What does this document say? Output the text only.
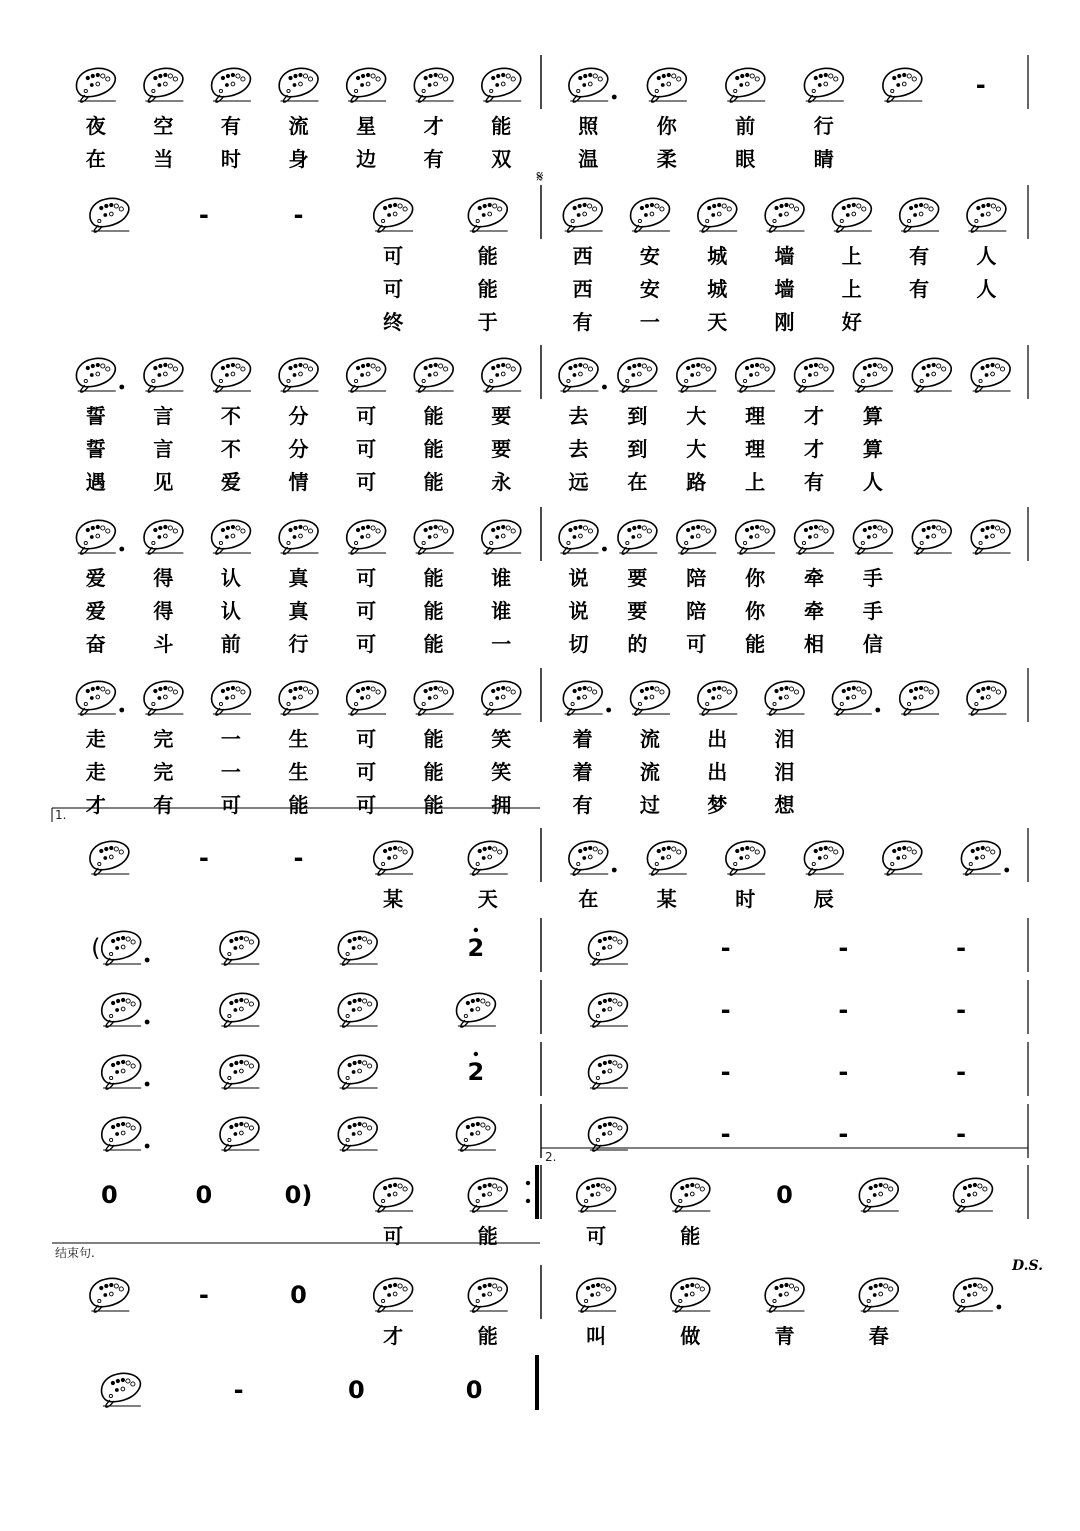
-
夜 空 有 流 星 才 能	照	你	前	行
在 当 时 身 边 有 双	温	柔	眼	睛
-	-
可	能	西 安 城 墙 上 有 人
可	能	西 安 城 墙 上 有 人
终	于	有 一 天 刚 好
誓 言 不 分 可 能 要	去 到 大 理 才 算
誓 言 不 分 可 能 要	去 到 大 理 才 算
遇 见 爱 情 可 能 永	远 在 路 上 有 人
爱 得 认 真 可 能 谁	说 要 陪 你 牵 手
爱 得 认 真 可 能 谁	说 要 陪 你 牵 手
奋 斗 前 行 可 能 一	切 的 可 能 相 信
走 完 一 生 可 能 笑	着 流 出 泪
走 完 一 生 可 能 笑	着 流 出 泪
才 有 可 能 可 能 拥	有 过 梦 想
-	-
某	天	在	某	时	辰
(	2	-	-	-
-	-	-
2	-	-	-
-	-	-
0	0	0)	0
可	能	可	能
-	0
才	能	叫	做	青	春
-	0	0
𝄋
D.S.
1.
2.
结束句.
